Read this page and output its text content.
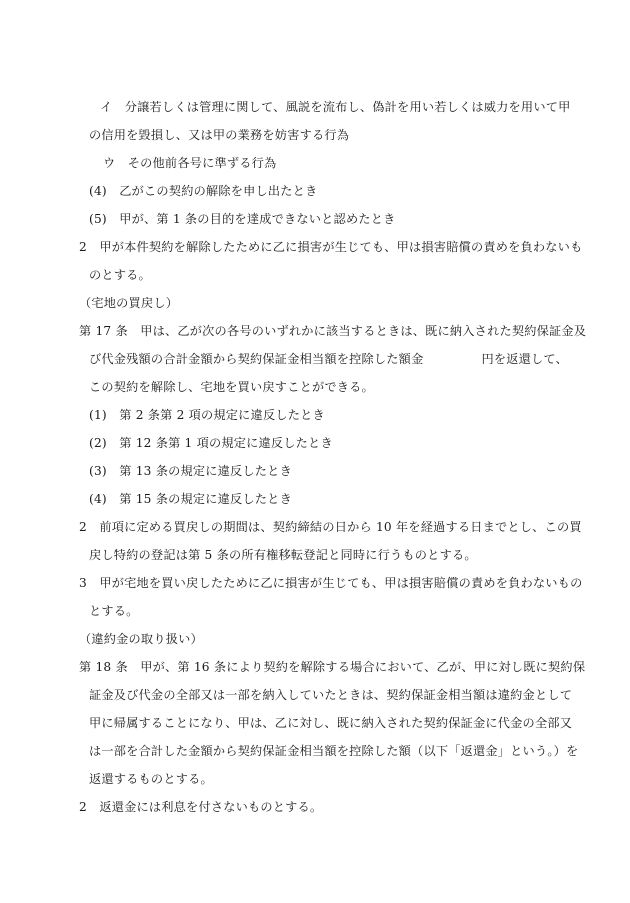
イ　分譲若しくは管理に関して、風説を流布し、偽計を用い若しくは威力を用いて甲
の信用を毀損し、又は甲の業務を妨害する行為
ウ　その他前各号に準ずる行為
(4)　乙がこの契約の解除を申し出たとき
(5)　甲が、第 1 条の目的を達成できないと認めたとき
2　甲が本件契約を解除したために乙に損害が生じても、甲は損害賠償の責めを負わないも
のとする。
（宅地の買戻し）
第 17 条　甲は、乙が次の各号のいずれかに該当するときは、既に納入された契約保証金及
び代金残額の合計金額から契約保証金相当額を控除した額金	円を返還して、
この契約を解除し、宅地を買い戻すことができる。
(1)　第 2 条第 2 項の規定に違反したとき
(2)　第 12 条第 1 項の規定に違反したとき
(3)　第 13 条の規定に違反したとき
(4)　第 15 条の規定に違反したとき
2　前項に定める買戻しの期間は、契約締結の日から 10 年を経過する日までとし、この買
戻し特約の登記は第 5 条の所有権移転登記と同時に行うものとする。
3　甲が宅地を買い戻したために乙に損害が生じても、甲は損害賠償の責めを負わないもの
とする。
（違約金の取り扱い）
第 18 条　甲が、第 16 条により契約を解除する場合において、乙が、甲に対し既に契約保
証金及び代金の全部又は一部を納入していたときは、契約保証金相当額は違約金として
甲に帰属することになり、甲は、乙に対し、既に納入された契約保証金に代金の全部又
は一部を合計した金額から契約保証金相当額を控除した額（以下「返還金」という。）を
返還するものとする。
2　返還金には利息を付さないものとする。
